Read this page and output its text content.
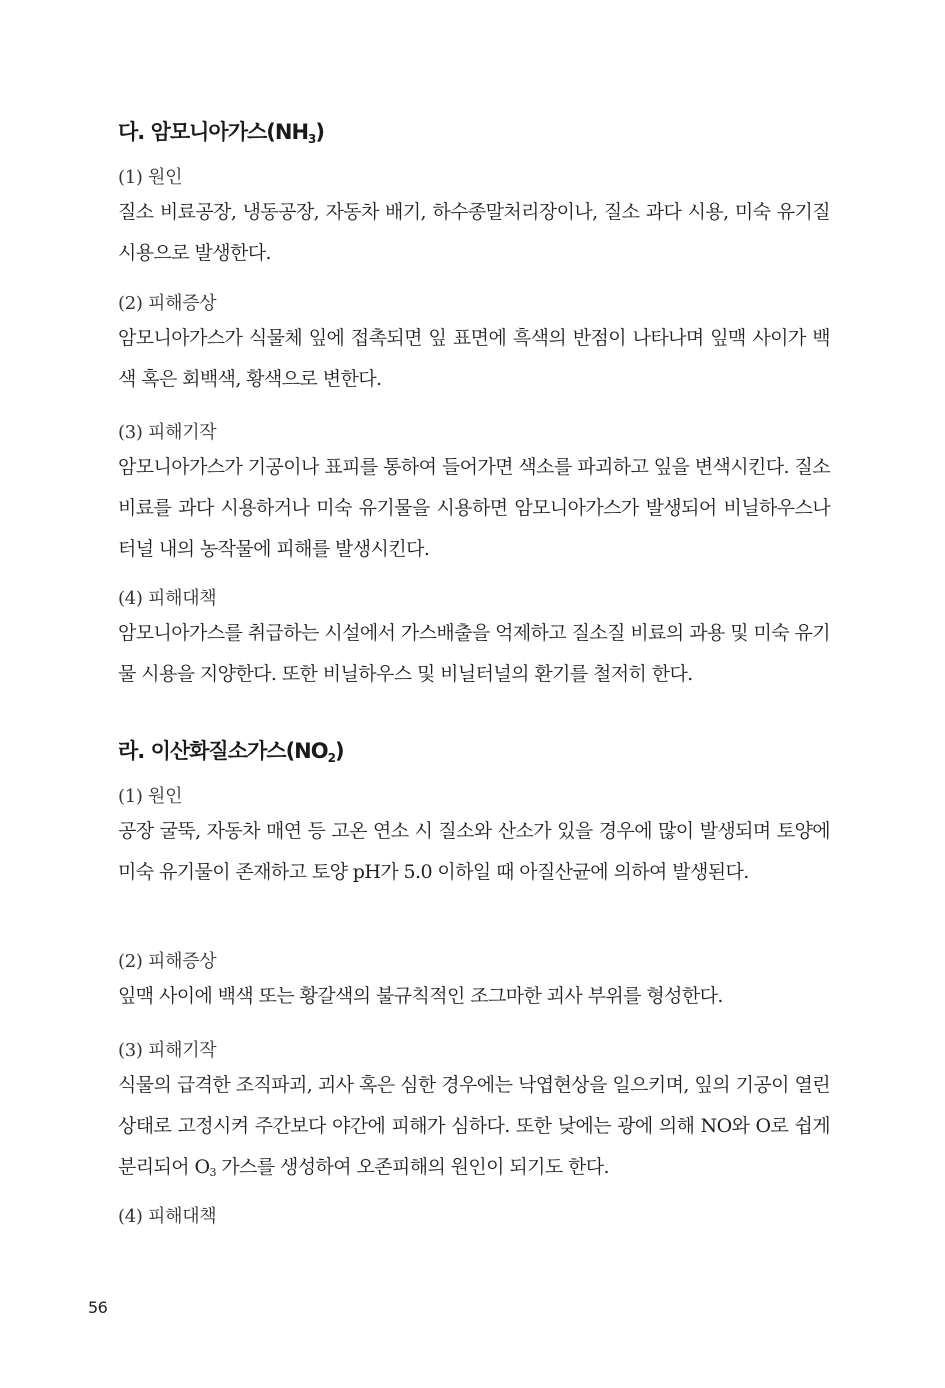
다. 암모니아가스$(NH_3)$

(1) 원인

질소 비료공장, 냉동공장, 자동차 배기, 하수종말처리장이나, 질소 과다 시용, 미숙 유기질 시용으로 발생한다.

(2) 피해증상

암모니아가스가 식물체 잎에 접촉되면 잎 표면에 흑색의 반점이 나타나며 잎맥 사이가 백색 혹은 회백색, 황색으로 변한다.

(3) 피해기작

암모니아가스가 기공이나 표피를 통하여 들어가면 색소를 파괴하고 잎을 변색시킨다. 질소비료를 과다 시용하거나 미숙 유기물을 시용하면 암모니아가스가 발생되어 비닐하우스나 터널 내의 농작물에 피해를 발생시킨다.

(4) 피해대책

암모니아가스를 취급하는 시설에서 가스배출을 억제하고 질소질 비료의 과용 및 미숙 유기물 시용을 지양한다. 또한 비닐하우스 및 비닐터널의 환기를 철저히 한다.

라. 이산화질소가스$(NO_2)$

(1) 원인

공장 굴뚝, 자동차 매연 등 고온 연소 시 질소와 산소가 있을 경우에 많이 발생되며 토양에 미숙 유기물이 존재하고 토양 pH가 5.0 이하일 때 아질산균에 의하여 발생된다.

(2) 피해증상

잎맥 사이에 백색 또는 황갈색의 불규칙적인 조그마한 괴사 부위를 형성한다.

(3) 피해기작

식물의 급격한 조직파괴, 괴사 혹은 심한 경우에는 낙엽현상을 일으키며, 잎의 기공이 열린 상태로 고정시켜 주간보다 야간에 피해가 심하다. 또한 낮에는 광에 의해 NO와 O로 쉽게 분리되어 $O_3$ 가스를 생성하여 오존피해의 원인이 되기도 한다.

(4) 피해대책

56
